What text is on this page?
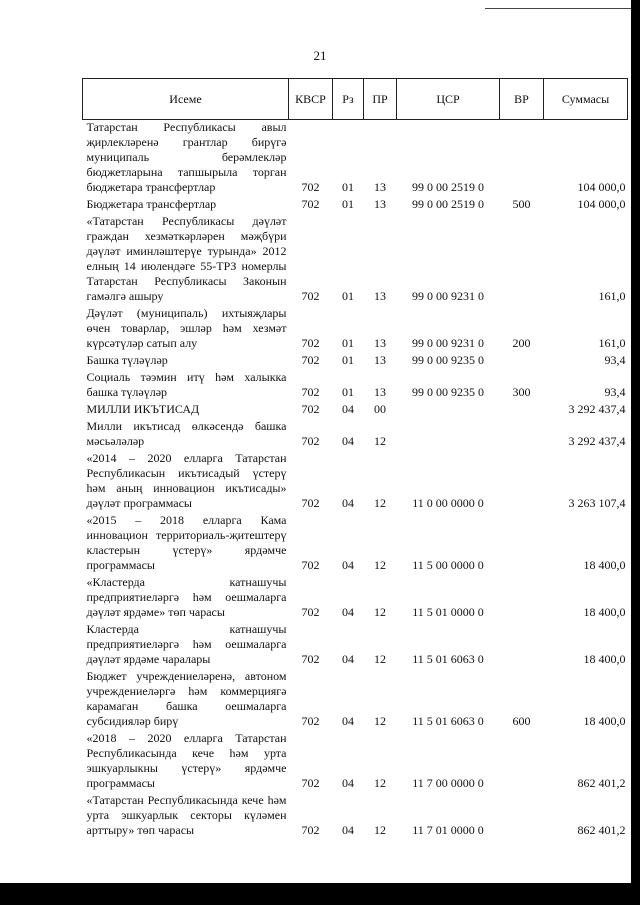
21
Исеме	КВСР	Рз	ПР	ЦСР	ВР	Суммасы
Татарстан Республикасы авыл җирлекләренә грантлар бирүгә муниципаль берәмлекләр бюджетларына тапшырыла торган бюджетара трансфертлар	702	01	13	99 0 00 2519 0		104 000,0
Бюджетара трансфертлар	702	01	13	99 0 00 2519 0	500	104 000,0
«Татарстан Республикасы дәүләт граждан хезмәткәрләрен мәҗбүри дәүләт иминләштерүе турында» 2012 елның 14 июлендәге 55-ТРЗ номерлы Татарстан Республикасы Законын гамәлгә ашыру	702	01	13	99 0 00 9231 0		161,0
Дәүләт (муниципаль) ихтыяҗлары өчен товарлар, эшләр һәм хезмәт күрсәтүләр сатып алу	702	01	13	99 0 00 9231 0	200	161,0
Башка түләүләр	702	01	13	99 0 00 9235 0		93,4
Социаль тәэмин итү һәм халыкка башка түләүләр	702	01	13	99 0 00 9235 0	300	93,4
МИЛЛИ ИКЪТИСАД	702	04	00			3 292 437,4
Милли икътисад өлкәсендә башка мәсьәләләр	702	04	12			3 292 437,4
«2014 – 2020 елларга Татарстан Республикасын икътисадый үстерү һәм аның инновацион икътисады» дәүләт программасы	702	04	12	11 0 00 0000 0		3 263 107,4
«2015 – 2018 елларга Кама инновацион территориаль-җитештерү кластерын үстерү» ярдәмче программасы	702	04	12	11 5 00 0000 0		18 400,0
«Кластерда катнашучы предприятиеләргә һәм оешмаларга дәүләт ярдәме» төп чарасы	702	04	12	11 5 01 0000 0		18 400,0
Кластерда катнашучы предприятиеләргә һәм оешмаларга дәүләт ярдәме чаралары	702	04	12	11 5 01 6063 0		18 400,0
Бюджет учреждениеләренә, автоном учреждениеләргә һәм коммерциягә карамаган башка оешмаларга субсидияләр бирү	702	04	12	11 5 01 6063 0	600	18 400,0
«2018 – 2020 елларга Татарстан Республикасында кече һәм урта эшкуарлыкны үстерү» ярдәмче программасы	702	04	12	11 7 00 0000 0		862 401,2
«Татарстан Республикасында кече һәм урта эшкуарлык секторы күләмен арттыру» төп чарасы	702	04	12	11 7 01 0000 0		862 401,2
